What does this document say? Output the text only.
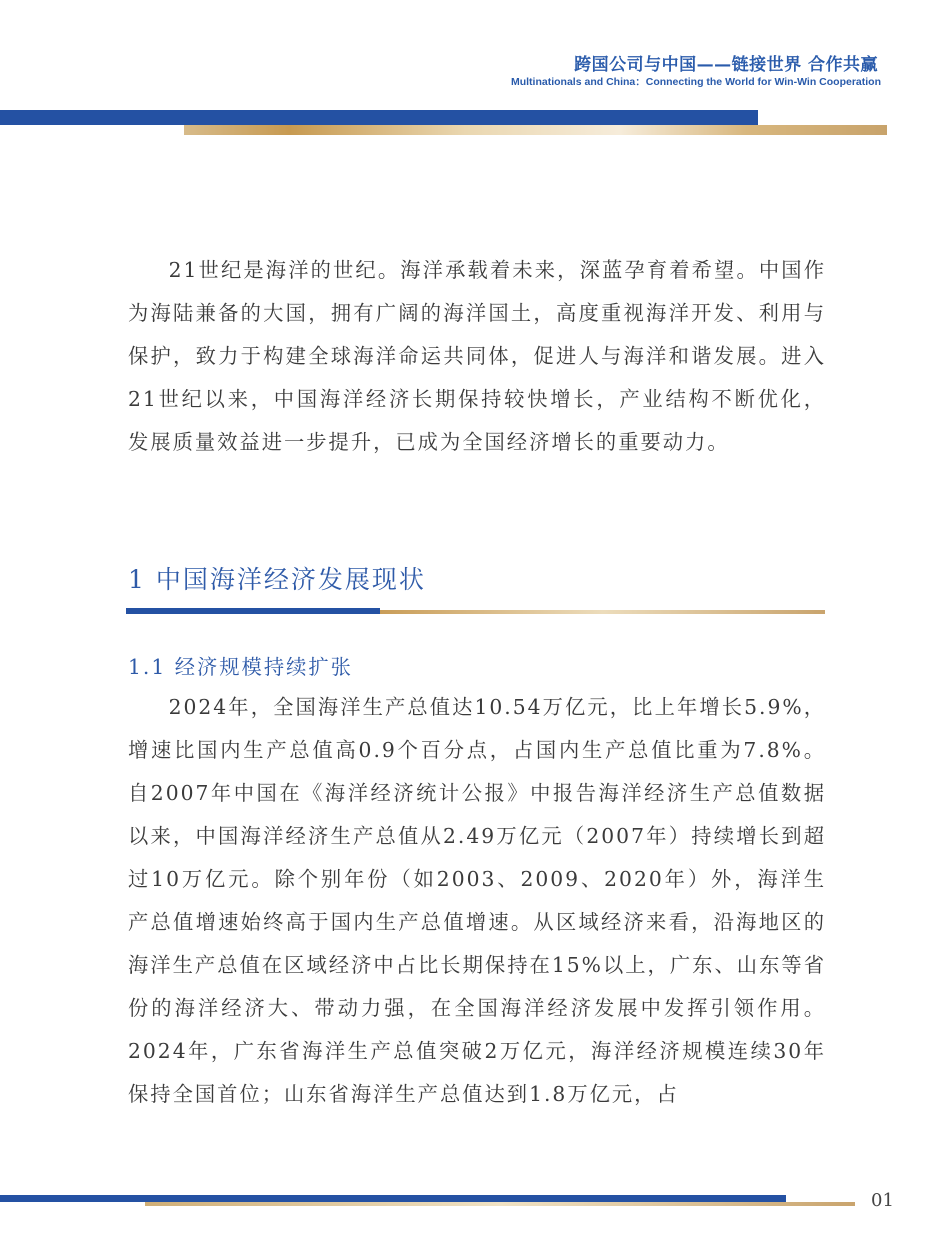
跨国公司与中国——链接世界 合作共赢
Multinationals and China：Connecting the World for Win-Win Cooperation

21世纪是海洋的世纪。海洋承载着未来，深蓝孕育着希望。中国作为海陆兼备的大国，拥有广阔的海洋国土，高度重视海洋开发、利用与保护，致力于构建全球海洋命运共同体，促进人与海洋和谐发展。进入21世纪以来，中国海洋经济长期保持较快增长，产业结构不断优化，发展质量效益进一步提升，已成为全国经济增长的重要动力。

1 中国海洋经济发展现状
1.1 经济规模持续扩张

2024年，全国海洋生产总值达10.54万亿元，比上年增长5.9%，增速比国内生产总值高0.9个百分点，占国内生产总值比重为7.8%。自2007年中国在《海洋经济统计公报》中报告海洋经济生产总值数据以来，中国海洋经济生产总值从2.49万亿元（2007年）持续增长到超过10万亿元。除个别年份（如2003、2009、2020年）外，海洋生产总值增速始终高于国内生产总值增速。从区域经济来看，沿海地区的海洋生产总值在区域经济中占比长期保持在15%以上，广东、山东等省份的海洋经济大、带动力强，在全国海洋经济发展中发挥引领作用。2024年，广东省海洋生产总值突破2万亿元，海洋经济规模连续30年保持全国首位；山东省海洋生产总值达到1.8万亿元，占

01
